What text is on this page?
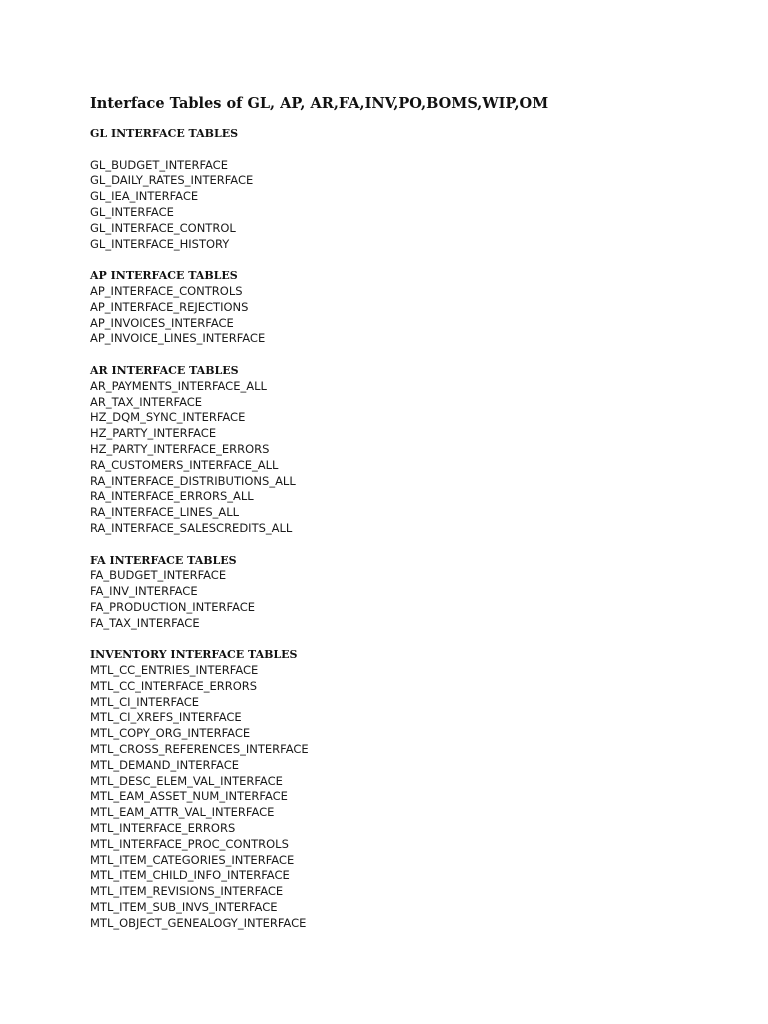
Interface Tables of GL, AP, AR,FA,INV,PO,BOMS,WIP,OM
GL INTERFACE TABLES
GL_BUDGET_INTERFACE
GL_DAILY_RATES_INTERFACE
GL_IEA_INTERFACE
GL_INTERFACE
GL_INTERFACE_CONTROL
GL_INTERFACE_HISTORY
AP INTERFACE TABLES
AP_INTERFACE_CONTROLS
AP_INTERFACE_REJECTIONS
AP_INVOICES_INTERFACE
AP_INVOICE_LINES_INTERFACE
AR INTERFACE TABLES
AR_PAYMENTS_INTERFACE_ALL
AR_TAX_INTERFACE
HZ_DQM_SYNC_INTERFACE
HZ_PARTY_INTERFACE
HZ_PARTY_INTERFACE_ERRORS
RA_CUSTOMERS_INTERFACE_ALL
RA_INTERFACE_DISTRIBUTIONS_ALL
RA_INTERFACE_ERRORS_ALL
RA_INTERFACE_LINES_ALL
RA_INTERFACE_SALESCREDITS_ALL
FA INTERFACE TABLES
FA_BUDGET_INTERFACE
FA_INV_INTERFACE
FA_PRODUCTION_INTERFACE
FA_TAX_INTERFACE
INVENTORY INTERFACE TABLES
MTL_CC_ENTRIES_INTERFACE
MTL_CC_INTERFACE_ERRORS
MTL_CI_INTERFACE
MTL_CI_XREFS_INTERFACE
MTL_COPY_ORG_INTERFACE
MTL_CROSS_REFERENCES_INTERFACE
MTL_DEMAND_INTERFACE
MTL_DESC_ELEM_VAL_INTERFACE
MTL_EAM_ASSET_NUM_INTERFACE
MTL_EAM_ATTR_VAL_INTERFACE
MTL_INTERFACE_ERRORS
MTL_INTERFACE_PROC_CONTROLS
MTL_ITEM_CATEGORIES_INTERFACE
MTL_ITEM_CHILD_INFO_INTERFACE
MTL_ITEM_REVISIONS_INTERFACE
MTL_ITEM_SUB_INVS_INTERFACE
MTL_OBJECT_GENEALOGY_INTERFACE
